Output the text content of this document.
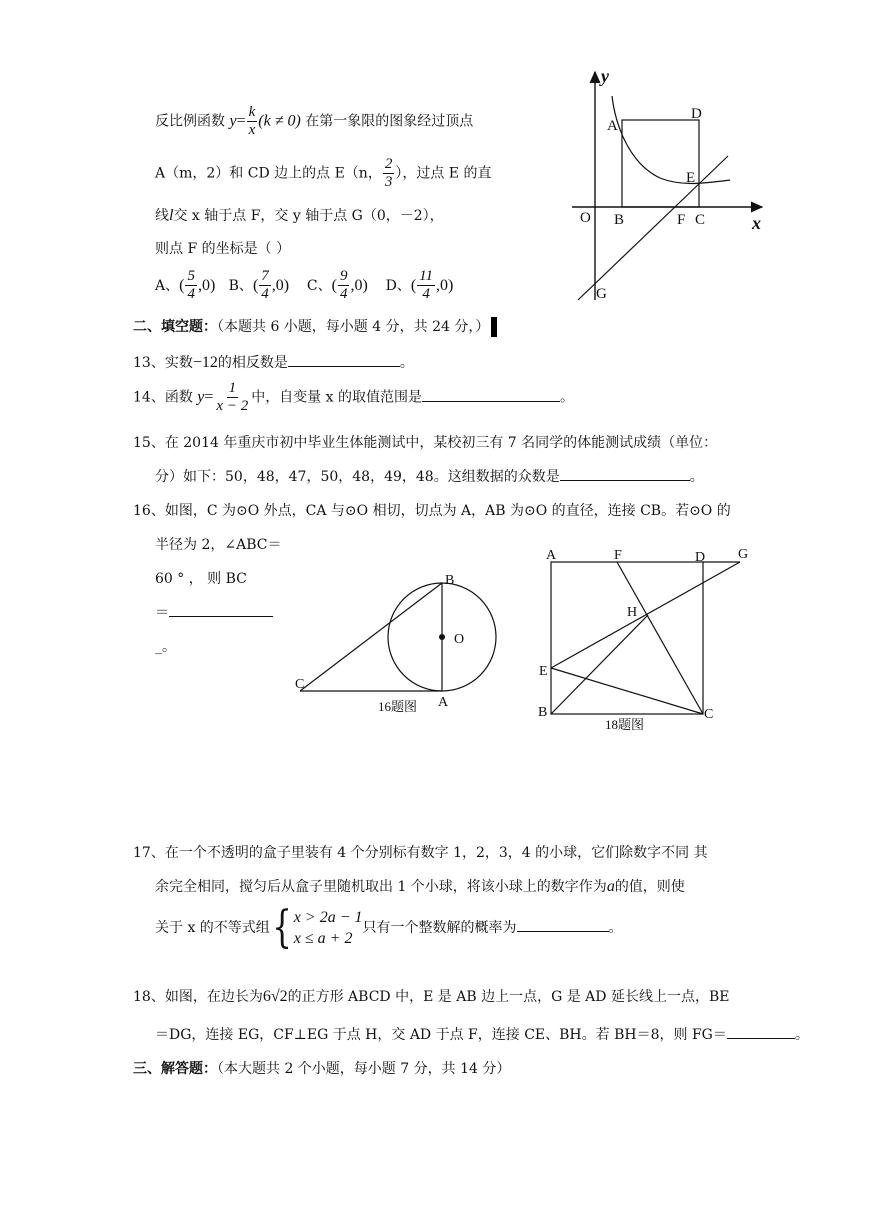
反比例函数 $y= \frac{k}{x} (k \ne 0)$ 在第一象限的图象经过顶点
A（m，2）和 CD 边上的点 E（n， $\frac{2}{3}$ ），过点 E 的直
线l交 x 轴于点 F，交 y 轴于点 G（0，－2），
则点 F 的坐标是（ ）
A、( $\frac{5}{4} ,0$) B、( $\frac{7}{4} ,0$) C、( $\frac{9}{4} ,0$) D、( $\frac{11}{4} ,0$)
y
x
A
D
E
O B	F C
G
二、填空题：（本题共 6 小题，每小题 4 分，共 24 分，）
13、实数−12的相反数是	。
14、函数 $y= \frac{1}{x - 2}$ 中，自变量 x 的取值范围是	。
15、在 2014 年重庆市初中毕业生体能测试中，某校初三有 7 名同学的体能测试成绩（单位：
分）如下：50，48，47，50，48，49，48。这组数据的众数是	。
16、如图，C 为⊙O 外点，CA 与⊙O 相切，切点为 A，AB 为⊙O 的直径，连接 CB。若⊙O 的
半径为 2，∠ABC＝
60 ° ， 则 BC
＝
_。
B
O
C
A
16题图
A	F	D G
H
E
B	C
18题图
17、在一个不透明的盒子里装有 4 个分别标有数字 1，2，3，4 的小球，它们除数字不同 其
余完全相同，搅匀后从盒子里随机取出 1 个小球，将该小球上的数字作为a的值，则使
关于 x 的不等式组{ x > 2a − 1
x ≤ a + 2
只有一个整数解的概率为	。
18、如图，在边长为6√2的正方形 ABCD 中，E 是 AB 边上一点，G 是 AD 延长线上一点，BE
＝DG，连接 EG，CF⊥EG 于点 H，交 AD 于点 F，连接 CE、BH。若 BH＝8，则 FG＝	。
三、解答题：（本大题共 2 个小题，每小题 7 分，共 14 分）
